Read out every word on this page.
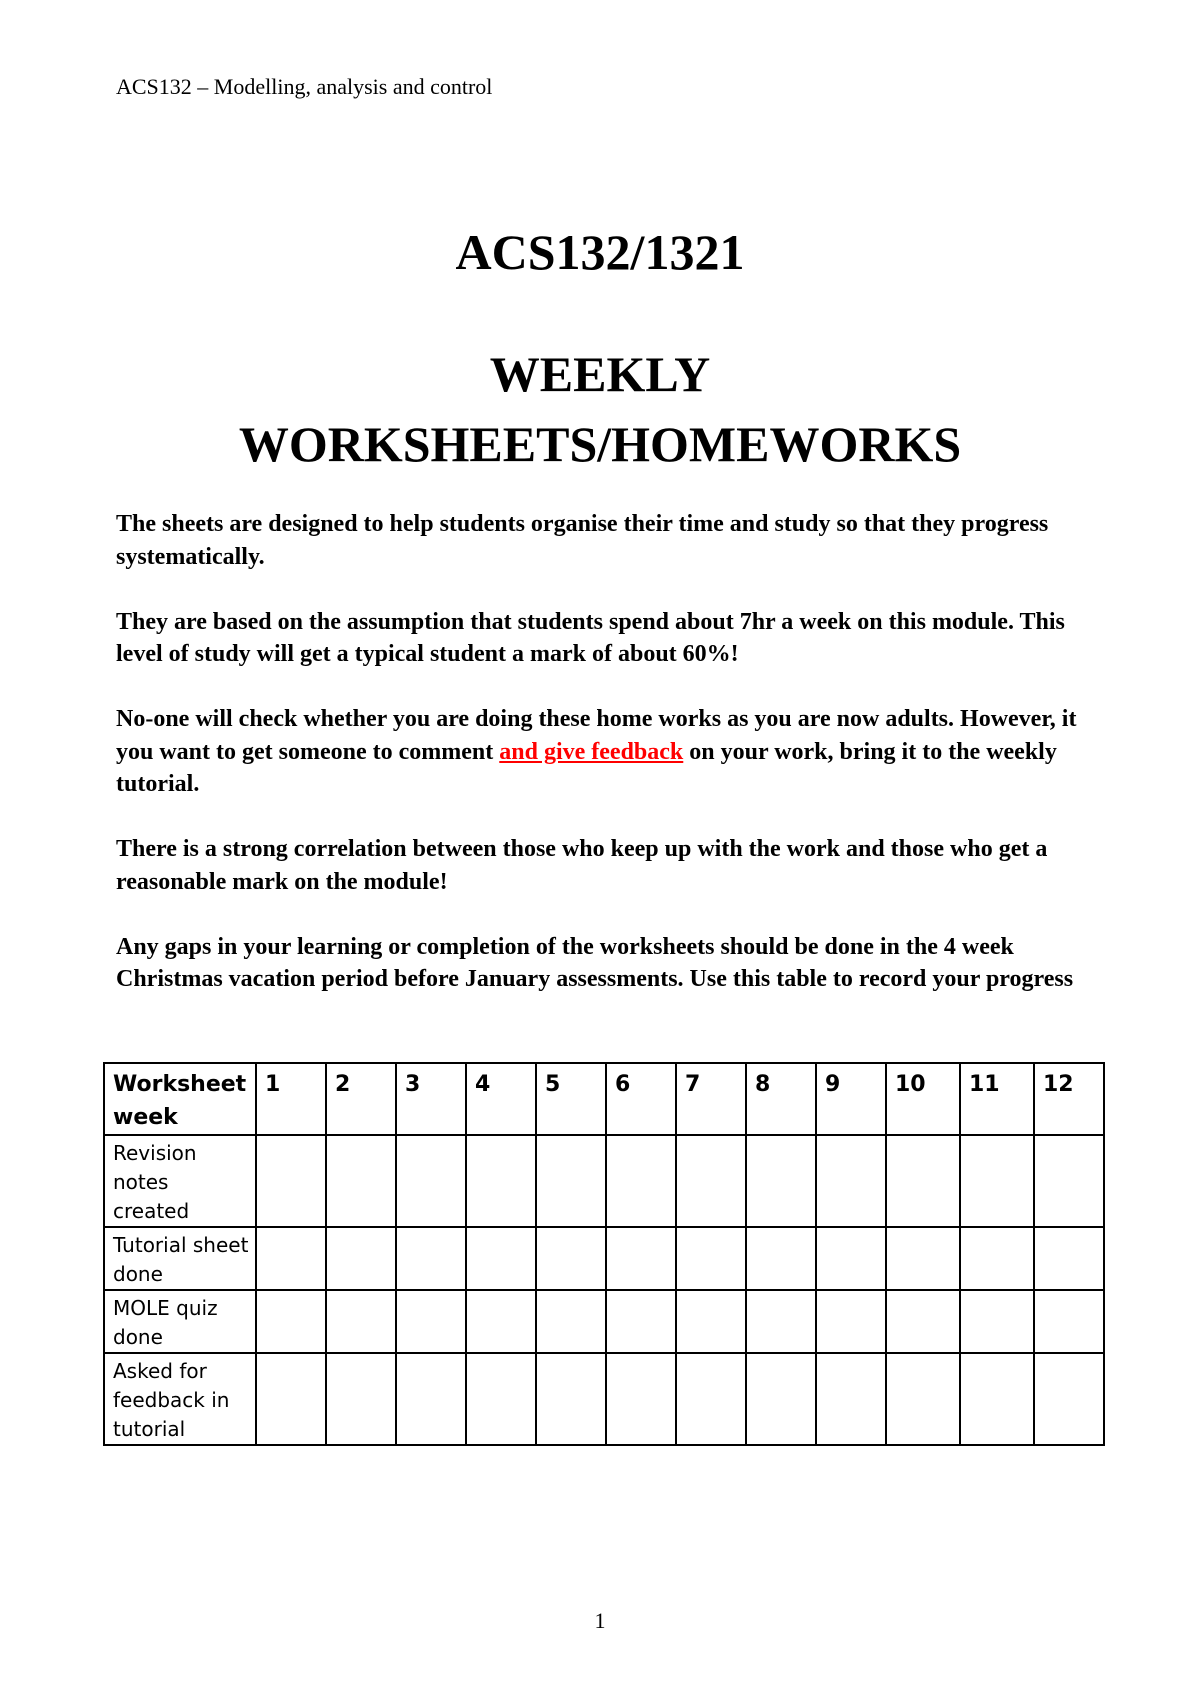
ACS132 – Modelling, analysis and control
ACS132/1321
WEEKLY
WORKSHEETS/HOMEWORKS

The sheets are designed to help students organise their time and study so that they progress systematically.

They are based on the assumption that students spend about 7hr a week on this module. This level of study will get a typical student a mark of about 60%!

No-one will check whether you are doing these home works as you are now adults. However, it you want to get someone to comment and give feedback on your work, bring it to the weekly tutorial.

There is a strong correlation between those who keep up with the work and those who get a reasonable mark on the module!

Any gaps in your learning or completion of the worksheets should be done in the 4 week Christmas vacation period before January assessments. Use this table to record your progress

Worksheet week	1	2	3	4	5	6	7	8	9	10	11	12
Revision notes created												
Tutorial sheet done												
MOLE quiz done												
Asked for feedback in tutorial												
1
